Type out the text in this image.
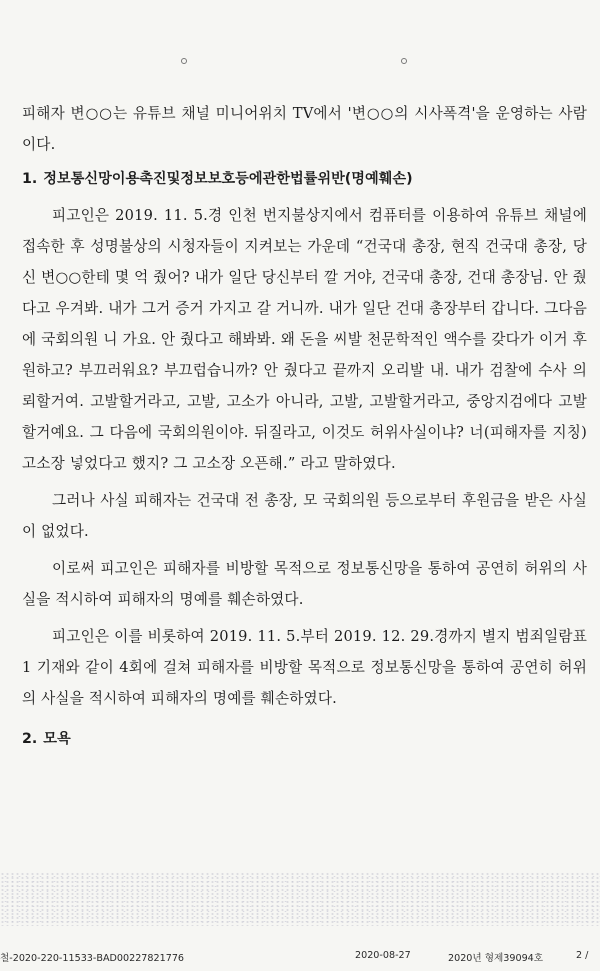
피해자 변○○는 유튜브 채널 미니어위치 TV에서 '변○○의 시사폭격'을 운영하는 사람이다.

1. 정보통신망이용촉진및정보보호등에관한법률위반(명예훼손)

피고인은 2019. 11. 5.경 인천 번지불상지에서 컴퓨터를 이용하여 유튜브 채널에 접속한 후 성명불상의 시청자들이 지켜보는 가운데 “건국대 총장, 현직 건국대 총장, 당신 변○○한테 몇 억 줬어? 내가 일단 당신부터 깔 거야, 건국대 총장, 건대 총장님. 안 줬다고 우겨봐. 내가 그거 증거 가지고 갈 거니까. 내가 일단 건대 총장부터 갑니다. 그다음에 국회의원 니 가요. 안 줬다고 해봐봐. 왜 돈을 씨발 천문학적인 액수를 갖다가 이거 후원하고? 부끄러워요? 부끄럽습니까? 안 줬다고 끝까지 오리발 내. 내가 검찰에 수사 의뢰할거여. 고발할거라고, 고발, 고소가 아니라, 고발, 고발할거라고, 중앙지검에다 고발할거예요. 그 다음에 국회의원이야. 뒤질라고, 이것도 허위사실이냐? 너(피해자를 지칭) 고소장 넣었다고 했지? 그 고소장 오픈해.” 라고 말하였다.

그러나 사실 피해자는 건국대 전 총장, 모 국회의원 등으로부터 후원금을 받은 사실이 없었다.

이로써 피고인은 피해자를 비방할 목적으로 정보통신망을 통하여 공연히 허위의 사실을 적시하여 피해자의 명예를 훼손하였다.

피고인은 이를 비롯하여 2019. 11. 5.부터 2019. 12. 29.경까지 별지 범죄일람표 1 기재와 같이 4회에 걸쳐 피해자를 비방할 목적으로 정보통신망을 통하여 공연히 허위의 사실을 적시하여 피해자의 명예를 훼손하였다.

2. 모욕
철-2020-220-11533-BAD00227821776	2020-08-27	2020년 형제39094호	2 /
